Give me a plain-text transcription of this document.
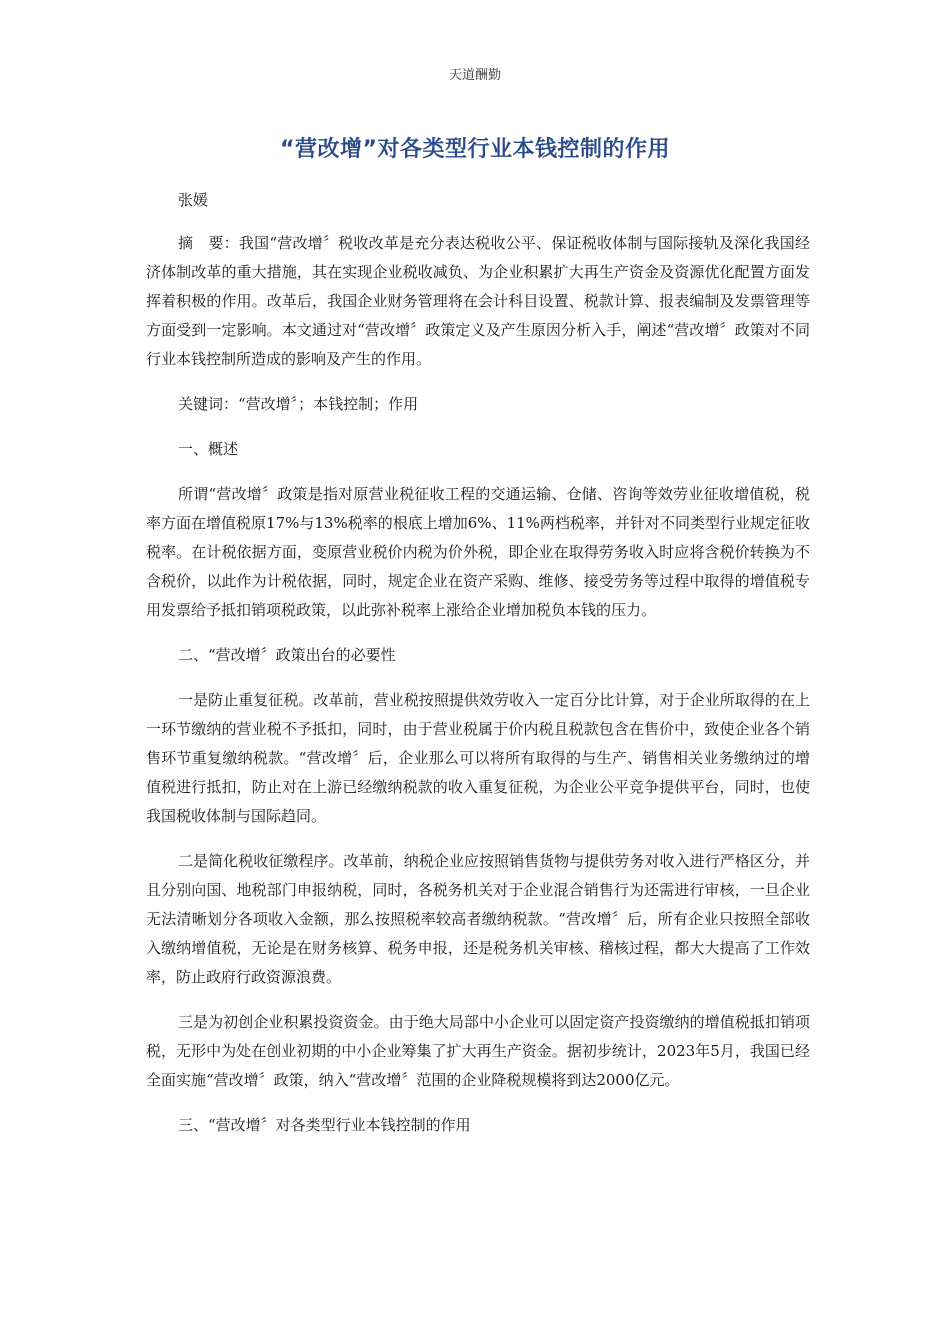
天道酬勤
“营改增”对各类型行业本钱控制的作用

张媛

摘　要：我国“营改增〞税收改革是充分表达税收公平、保证税收体制与国际接轨及深化我国经济体制改革的重大措施，其在实现企业税收减负、为企业积累扩大再生产资金及资源优化配置方面发挥着积极的作用。改革后，我国企业财务管理将在会计科目设置、税款计算、报表编制及发票管理等方面受到一定影响。本文通过对“营改增〞政策定义及产生原因分析入手，阐述“营改增〞政策对不同行业本钱控制所造成的影响及产生的作用。

关键词：“营改增〞；本钱控制；作用

一、概述

所谓“营改增〞政策是指对原营业税征收工程的交通运输、仓储、咨询等效劳业征收增值税，税率方面在增值税原17%与13%税率的根底上增加6%、11%两档税率，并针对不同类型行业规定征收税率。在计税依据方面，变原营业税价内税为价外税，即企业在取得劳务收入时应将含税价转换为不含税价，以此作为计税依据，同时，规定企业在资产采购、维修、接受劳务等过程中取得的增值税专用发票给予抵扣销项税政策，以此弥补税率上涨给企业增加税负本钱的压力。

二、“营改增〞政策出台的必要性

一是防止重复征税。改革前，营业税按照提供效劳收入一定百分比计算，对于企业所取得的在上一环节缴纳的营业税不予抵扣，同时，由于营业税属于价内税且税款包含在售价中，致使企业各个销售环节重复缴纳税款。“营改增〞后，企业那么可以将所有取得的与生产、销售相关业务缴纳过的增值税进行抵扣，防止对在上游已经缴纳税款的收入重复征税，为企业公平竞争提供平台，同时，也使我国税收体制与国际趋同。

二是简化税收征缴程序。改革前，纳税企业应按照销售货物与提供劳务对收入进行严格区分，并且分别向国、地税部门申报纳税，同时，各税务机关对于企业混合销售行为还需进行审核，一旦企业无法清晰划分各项收入金额，那么按照税率较高者缴纳税款。“营改增〞后，所有企业只按照全部收入缴纳增值税，无论是在财务核算、税务申报，还是税务机关审核、稽核过程，都大大提高了工作效率，防止政府行政资源浪费。

三是为初创企业积累投资资金。由于绝大局部中小企业可以固定资产投资缴纳的增值税抵扣销项税，无形中为处在创业初期的中小企业筹集了扩大再生产资金。据初步统计，2023年5月，我国已经全面实施“营改增〞政策，纳入“营改增〞范围的企业降税规模将到达2000亿元。

三、“营改增〞对各类型行业本钱控制的作用
